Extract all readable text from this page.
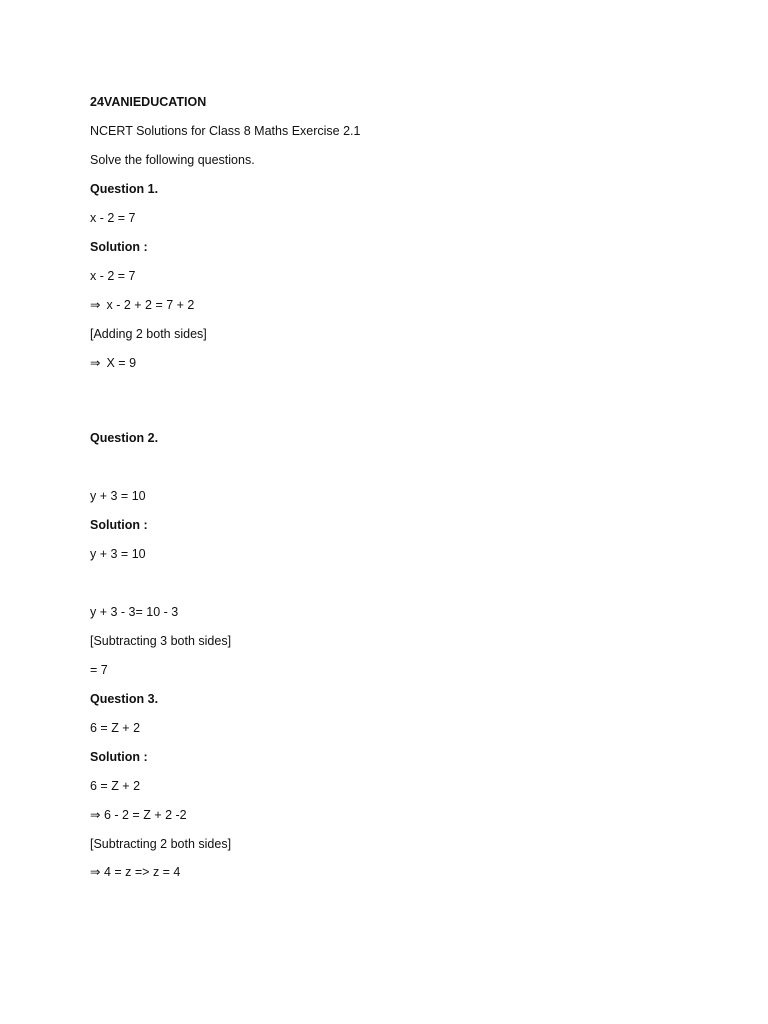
24VANIEDUCATION
NCERT Solutions for Class 8 Maths Exercise 2.1
Solve the following questions.
Question 1.
x - 2 = 7
Solution :
x - 2 = 7
⇒ x - 2 + 2 = 7 + 2
[Adding 2 both sides]
⇒ X = 9
Question 2.
y + 3 = 10
Solution :
y + 3 = 10
y + 3 - 3= 10 - 3
[Subtracting 3 both sides]
= 7
Question 3.
6 = Z + 2
Solution :
6 = Z + 2
⇒ 6 - 2 = Z + 2 -2
[Subtracting 2 both sides]
⇒ 4 = z => z = 4
